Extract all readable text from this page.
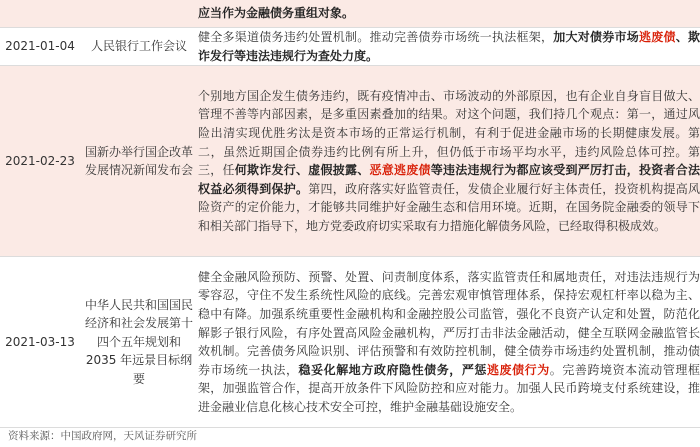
		应当作为金融债务重组对象。
2021-01-04	人民银行工作会议	健全多渠道债务违约处置机制。推动完善债券市场统一执法框架，加大对债券市场逃废债、欺诈发行等违法违规行为查处力度。
2021-02-23	国新办举行国企改革发展情况新闻发布会	个别地方国企发生债务违约，既有疫情冲击、市场波动的外部原因，也有企业自身盲目做大、管理不善等内部因素，是多重因素叠加的结果。对这个问题，我们持几个观点：第一，通过风险出清实现优胜劣汰是资本市场的正常运行机制，有利于促进金融市场的长期健康发展。第二，虽然近期国企债券违约比例有所上升，但仍低于市场平均水平，违约风险总体可控。第三，任何欺诈发行、虚假披露、恶意逃废债等违法违规行为都应该受到严厉打击，投资者合法权益必须得到保护。第四，政府落实好监管责任，发债企业履行好主体责任，投资机构提高风险资产的定价能力，才能够共同维护好金融生态和信用环境。近期，在国务院金融委的领导下和相关部门指导下，地方党委政府切实采取有力措施化解债务风险，已经取得积极成效。
2021-03-13	中华人民共和国国民经济和社会发展第十四个五年规划和 2035 年远景目标纲要	健全金融风险预防、预警、处置、问责制度体系，落实监管责任和属地责任，对违法违规行为零容忍，守住不发生系统性风险的底线。完善宏观审慎管理体系，保持宏观杠杆率以稳为主、稳中有降。加强系统重要性金融机构和金融控股公司监管，强化不良资产认定和处置，防范化解影子银行风险，有序处置高风险金融机构，严厉打击非法金融活动，健全互联网金融监管长效机制。完善债务风险识别、评估预警和有效防控机制，健全债券市场违约处置机制，推动债券市场统一执法，稳妥化解地方政府隐性债务，严惩逃废债行为。完善跨境资本流动管理框架，加强监管合作，提高开放条件下风险防控和应对能力。加强人民币跨境支付系统建设，推进金融业信息化核心技术安全可控，维护金融基础设施安全。
资料来源：中国政府网，天风证券研究所
